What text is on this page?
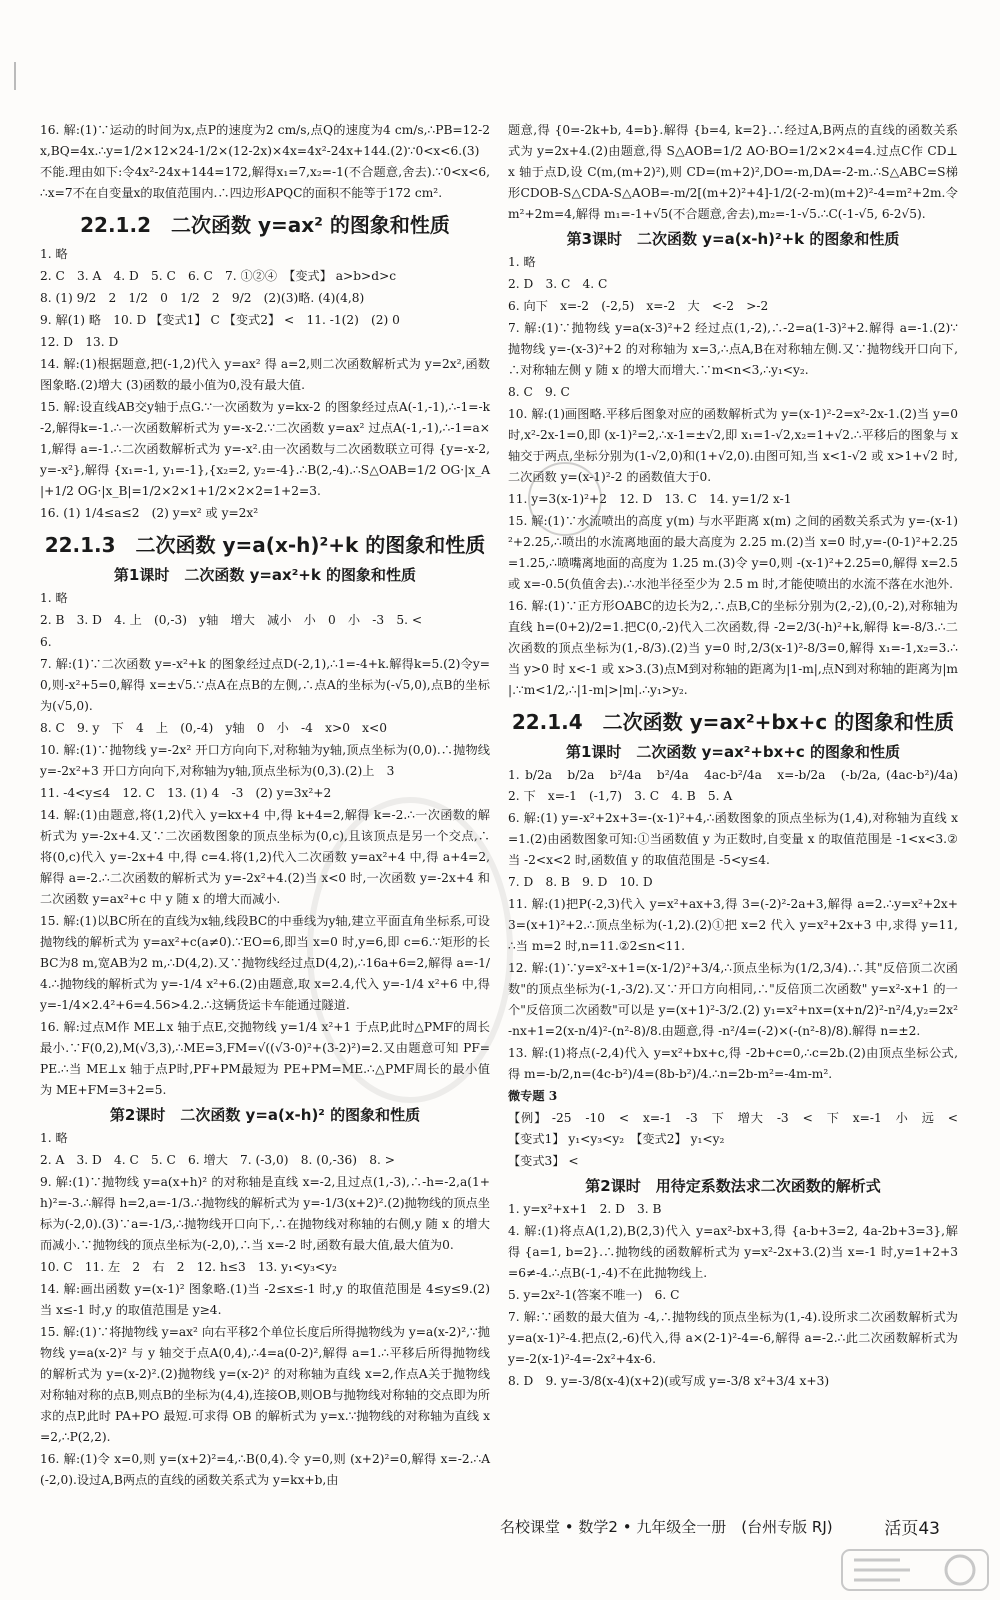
16. 解:(1)∵运动的时间为x,点P的速度为2 cm/s,点Q的速度为4 cm/s,∴PB=12-2x,BQ=4x.∴y=1/2×12×24-1/2×(12-2x)×4x=4x²-24x+144.(2)∵0<x<6.(3)不能.理由如下:令4x²-24x+144=172,解得x₁=7,x₂=-1(不合题意,舍去).∵0<x<6,∴x=7不在自变量x的取值范围内.∴四边形APQC的面积不能等于172 cm².

22.1.2　二次函数 y=ax² 的图象和性质

1. 略

2. C　3. A　4. D　5. C　6. C　7. ①②④　【变式】 a>b>d>c

8. (1) 9/2　2　1/2　0　1/2　2　9/2　(2)(3)略. (4)(4,8)

9. 解(1) 略　10. D 【变式1】 C 【变式2】 <　11. -1(2)　(2) 0

12. D　13. D

14. 解:(1)根据题意,把(-1,2)代入 y=ax² 得 a=2,则二次函数解析式为 y=2x²,函数图象略.(2)增大 (3)函数的最小值为0,没有最大值.

15. 解:设直线AB交y轴于点G.∵一次函数为 y=kx-2 的图象经过点A(-1,-1),∴-1=-k-2,解得k=-1.∴一次函数解析式为 y=-x-2.∵二次函数 y=ax² 过点A(-1,-1),∴-1=a×1,解得 a=-1.∴二次函数解析式为 y=-x².由一次函数与二次函数联立可得 {y=-x-2, y=-x²},解得 {x₁=-1, y₁=-1},{x₂=2, y₂=-4}.∴B(2,-4).∴S△OAB=1/2 OG·|x_A|+1/2 OG·|x_B|=1/2×2×1+1/2×2×2=1+2=3.

16. (1) 1/4≤a≤2　(2) y=x² 或 y=2x²

22.1.3　二次函数 y=a(x-h)²+k 的图象和性质
第1课时　二次函数 y=ax²+k 的图象和性质

1. 略

2. B　3. D　4. 上　(0,-3)　y轴　增大　减小　小　0　小　-3　5. <

6.

7. 解:(1)∵二次函数 y=-x²+k 的图象经过点D(-2,1),∴1=-4+k.解得k=5.(2)令y=0,则-x²+5=0,解得 x=±√5.∵点A在点B的左侧,∴点A的坐标为(-√5,0),点B的坐标为(√5,0).

8. C　9. y　下　4　上　(0,-4)　y轴　0　小　-4　x>0　x<0

10. 解:(1)∵抛物线 y=-2x² 开口方向向下,对称轴为y轴,顶点坐标为(0,0).∴抛物线 y=-2x²+3 开口方向向下,对称轴为y轴,顶点坐标为(0,3).(2)上　3

11. -4<y≤4　12. C　13. (1) 4　-3　(2) y=3x²+2

14. 解:(1)由题意,将(1,2)代入 y=kx+4 中,得 k+4=2,解得 k=-2.∴一次函数的解析式为 y=-2x+4.又∵二次函数图象的顶点坐标为(0,c),且该顶点是另一个交点,∴将(0,c)代入 y=-2x+4 中,得 c=4.将(1,2)代入二次函数 y=ax²+4 中,得 a+4=2,解得 a=-2.∴二次函数的解析式为 y=-2x²+4.(2)当 x<0 时,一次函数 y=-2x+4 和二次函数 y=ax²+c 中 y 随 x 的增大而减小.

15. 解:(1)以BC所在的直线为x轴,线段BC的中垂线为y轴,建立平面直角坐标系,可设抛物线的解析式为 y=ax²+c(a≠0).∵EO=6,即当 x=0 时,y=6,即 c=6.∵矩形的长BC为8 m,宽AB为2 m,∴D(4,2).又∵抛物线经过点D(4,2),∴16a+6=2,解得 a=-1/4.∴抛物线的解析式为 y=-1/4 x²+6.(2)由题意,取 x=2.4,代入 y=-1/4 x²+6 中,得 y=-1/4×2.4²+6=4.56>4.2.∴这辆货运卡车能通过隧道.

16. 解:过点M作 ME⊥x 轴于点E,交抛物线 y=1/4 x²+1 于点P,此时△PMF的周长最小.∵F(0,2),M(√3,3),∴ME=3,FM=√((√3-0)²+(3-2)²)=2.又由题意可知 PF=PE.∴当 ME⊥x 轴于点P时,PF+PM最短为 PE+PM=ME.∴△PMF周长的最小值为 ME+FM=3+2=5.

第2课时　二次函数 y=a(x-h)² 的图象和性质

1. 略

2. A　3. D　4. C　5. C　6. 增大　7. (-3,0)　8. (0,-36)　8. >

9. 解:(1)∵抛物线 y=a(x+h)² 的对称轴是直线 x=-2,且过点(1,-3),∴-h=-2,a(1+h)²=-3.∴解得 h=2,a=-1/3.∴抛物线的解析式为 y=-1/3(x+2)².(2)抛物线的顶点坐标为(-2,0).(3)∵a=-1/3,∴抛物线开口向下,∴在抛物线对称轴的右侧,y 随 x 的增大而减小.∵抛物线的顶点坐标为(-2,0),∴当 x=-2 时,函数有最大值,最大值为0.

10. C　11. 左　2　右　2　12. h≤3　13. y₁<y₃<y₂

14. 解:画出函数 y=(x-1)² 图象略.(1)当 -2≤x≤-1 时,y 的取值范围是 4≤y≤9.(2)当 x≤-1 时,y 的取值范围是 y≥4.

15. 解:(1)∵将抛物线 y=ax² 向右平移2个单位长度后所得抛物线为 y=a(x-2)²,∵抛物线 y=a(x-2)² 与 y 轴交于点A(0,4),∴4=a(0-2)²,解得 a=1.∴平移后所得抛物线的解析式为 y=(x-2)².(2)抛物线 y=(x-2)² 的对称轴为直线 x=2,作点A关于抛物线对称轴对称的点B,则点B的坐标为(4,4),连接OB,则OB与抛物线对称轴的交点即为所求的点P,此时 PA+PO 最短.可求得 OB 的解析式为 y=x.∵抛物线的对称轴为直线 x=2,∴P(2,2).

16. 解:(1)令 x=0,则 y=(x+2)²=4,∴B(0,4).令 y=0,则 (x+2)²=0,解得 x=-2.∴A(-2,0).设过A,B两点的直线的函数关系式为 y=kx+b,由

题意,得 {0=-2k+b, 4=b}.解得 {b=4, k=2}.∴经过A,B两点的直线的函数关系式为 y=2x+4.(2)由题意,得 S△AOB=1/2 AO·BO=1/2×2×4=4.过点C作 CD⊥x 轴于点D,设 C(m,(m+2)²),则 CD=(m+2)²,DO=-m,DA=-2-m.∴S△ABC=S梯形CDOB-S△CDA-S△AOB=-m/2[(m+2)²+4]-1/2(-2-m)(m+2)²-4=m²+2m.令 m²+2m=4,解得 m₁=-1+√5(不合题意,舍去),m₂=-1-√5.∴C(-1-√5, 6-2√5).

第3课时　二次函数 y=a(x-h)²+k 的图象和性质

1. 略

2. D　3. C　4. C

6. 向下　x=-2　(-2,5)　x=-2　大　<-2　>-2

7. 解:(1)∵抛物线 y=a(x-3)²+2 经过点(1,-2),∴-2=a(1-3)²+2.解得 a=-1.(2)∵抛物线 y=-(x-3)²+2 的对称轴为 x=3,∴点A,B在对称轴左侧.又∵抛物线开口向下,∴对称轴左侧 y 随 x 的增大而增大.∵m<n<3,∴y₁<y₂.

8. C　9. C

10. 解:(1)画图略.平移后图象对应的函数解析式为 y=(x-1)²-2=x²-2x-1.(2)当 y=0 时,x²-2x-1=0,即 (x-1)²=2,∴x-1=±√2,即 x₁=1-√2,x₂=1+√2.∴平移后的图象与 x 轴交于两点,坐标分别为(1-√2,0)和(1+√2,0).由图可知,当 x<1-√2 或 x>1+√2 时,二次函数 y=(x-1)²-2 的函数值大于0.

11. y=3(x-1)²+2　12. D　13. C　14. y=1/2 x-1

15. 解:(1)∵水流喷出的高度 y(m) 与水平距离 x(m) 之间的函数关系式为 y=-(x-1)²+2.25,∴喷出的水流离地面的最大高度为 2.25 m.(2)当 x=0 时,y=-(0-1)²+2.25=1.25,∴喷嘴离地面的高度为 1.25 m.(3)令 y=0,则 -(x-1)²+2.25=0,解得 x=2.5 或 x=-0.5(负值舍去).∴水池半径至少为 2.5 m 时,才能使喷出的水流不落在水池外.

16. 解:(1)∵正方形OABC的边长为2,∴点B,C的坐标分别为(2,-2),(0,-2),对称轴为直线 h=(0+2)/2=1.把C(0,-2)代入二次函数,得 -2=2/3(-h)²+k,解得 k=-8/3.∴二次函数的顶点坐标为(1,-8/3).(2)当 y=0 时,2/3(x-1)²-8/3=0,解得 x₁=-1,x₂=3.∴当 y>0 时 x<-1 或 x>3.(3)点M到对称轴的距离为|1-m|,点N到对称轴的距离为|m|.∵m<1/2,∴|1-m|>|m|.∴y₁>y₂.

22.1.4　二次函数 y=ax²+bx+c 的图象和性质
第1课时　二次函数 y=ax²+bx+c 的图象和性质

1. b/2a　b/2a　b²/4a　b²/4a　4ac-b²/4a　x=-b/2a　(-b/2a, (4ac-b²)/4a)　2. 下　x=-1　(-1,7)　3. C　4. B　5. A

6. 解:(1) y=-x²+2x+3=-(x-1)²+4,∴函数图象的顶点坐标为(1,4),对称轴为直线 x=1.(2)由函数图象可知:①当函数值 y 为正数时,自变量 x 的取值范围是 -1<x<3.②当 -2<x<2 时,函数值 y 的取值范围是 -5<y≤4.

7. D　8. B　9. D　10. D

11. 解:(1)把P(-2,3)代入 y=x²+ax+3,得 3=(-2)²-2a+3,解得 a=2.∴y=x²+2x+3=(x+1)²+2.∴顶点坐标为(-1,2).(2)①把 x=2 代入 y=x²+2x+3 中,求得 y=11,∴当 m=2 时,n=11.②2≤n<11.

12. 解:(1)∵y=x²-x+1=(x-1/2)²+3/4,∴顶点坐标为(1/2,3/4).∴其"反倍顶二次函数"的顶点坐标为(-1,-3/2).又∵开口方向相同,∴"反倍顶二次函数" y=x²-x+1 的一个"反倍顶二次函数"可以是 y=(x+1)²-3/2.(2) y₁=x²+nx=(x+n/2)²-n²/4,y₂=2x²-nx+1=2(x-n/4)²-(n²-8)/8.由题意,得 -n²/4=(-2)×(-(n²-8)/8).解得 n=±2.

13. 解:(1)将点(-2,4)代入 y=x²+bx+c,得 -2b+c=0,∴c=2b.(2)由顶点坐标公式,得 m=-b/2,n=(4c-b²)/4=(8b-b²)/4.∴n=2b-m²=-4m-m².

微专题 3

【例】 -25　-10　<　x=-1　-3　下　增大　-3　<　下　x=-1　小　远　<　【变式1】 y₁<y₃<y₂　【变式2】 y₁<y₂

【变式3】 <

第2课时　用待定系数法求二次函数的解析式

1. y=x²+x+1　2. D　3. B

4. 解:(1)将点A(1,2),B(2,3)代入 y=ax²-bx+3,得 {a-b+3=2, 4a-2b+3=3},解得 {a=1, b=2}.∴抛物线的函数解析式为 y=x²-2x+3.(2)当 x=-1 时,y=1+2+3=6≠-4.∴点B(-1,-4)不在此抛物线上.

5. y=2x²-1(答案不唯一)　6. C

7. 解:∵函数的最大值为 -4,∴抛物线的顶点坐标为(1,-4).设所求二次函数解析式为 y=a(x-1)²-4.把点(2,-6)代入,得 a×(2-1)²-4=-6,解得 a=-2.∴此二次函数解析式为 y=-2(x-1)²-4=-2x²+4x-6.

8. D　9. y=-3/8(x-4)(x+2)(或写成 y=-3/8 x²+3/4 x+3)

名校课堂 • 数学2 • 九年级全一册　(台州专版 RJ)	活页43
